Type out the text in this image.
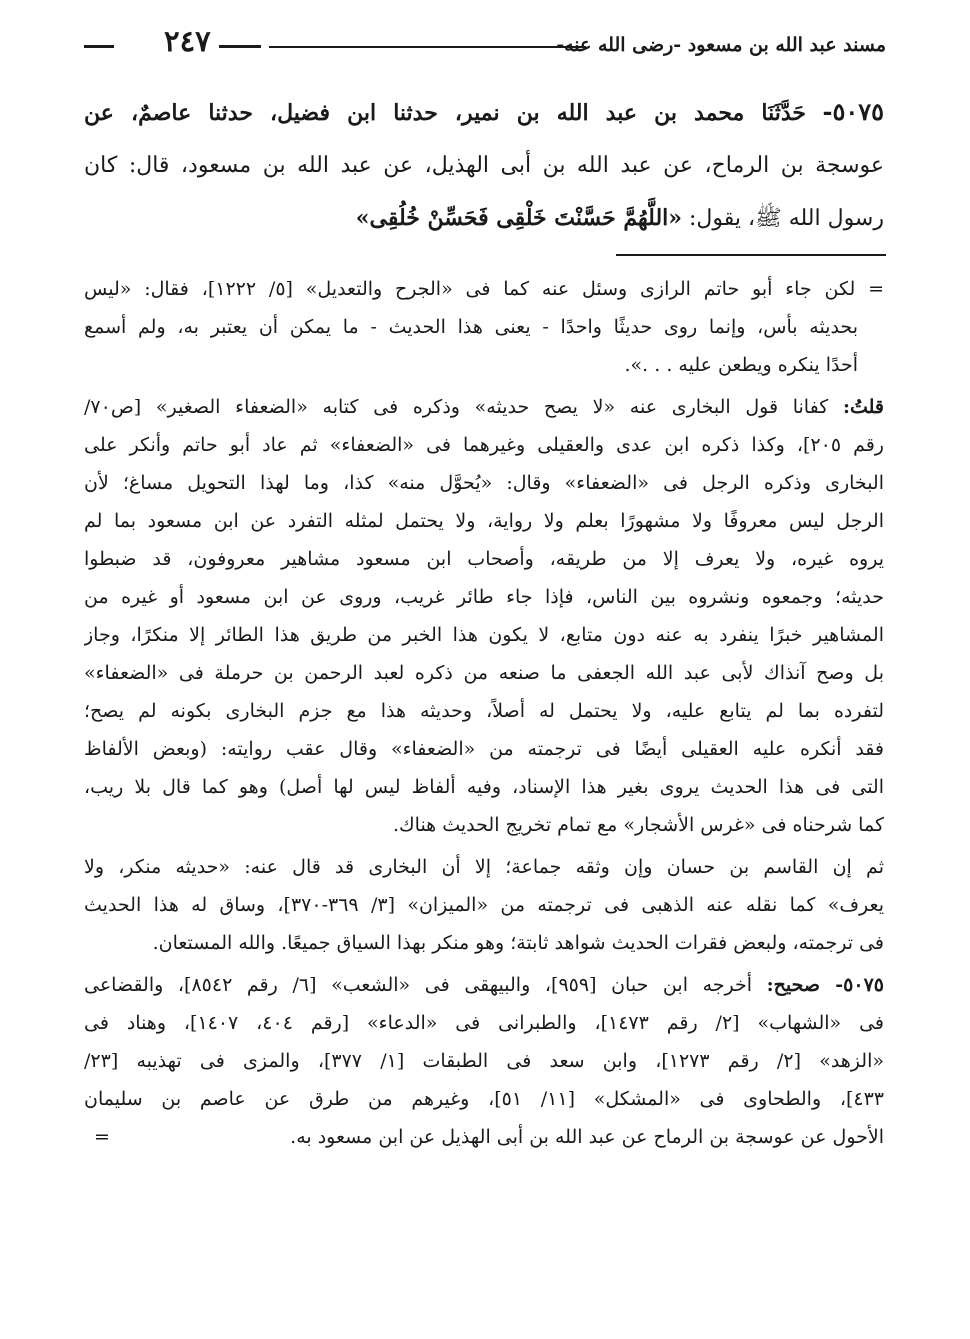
مسند عبد الله بن مسعود -رضى الله عنه-
٢٤٧
٥٠٧٥- حَدَّثَنَا محمد بن عبد الله بن نمير، حدثنا ابن فضيل، حدثنا عاصمٌ، عن
عوسجة بن الرماح، عن عبد الله بن أبى الهذيل، عن عبد الله بن مسعود، قال: كان
رسول الله ﷺ، يقول: «اللَّهُمَّ حَسَّنْتَ خَلْقِى فَحَسِّنْ خُلُقِى»
= لكن جاء أبو حاتم الرازى وسئل عنه كما فى «الجرح والتعديل» [٥/ ١٢٢٢]، فقال: «ليس
بحديثه بأس، وإنما روى حديثًا واحدًا - يعنى هذا الحديث - ما يمكن أن يعتبر به، ولم أسمع
أحدًا ينكره ويطعن عليه . . .».
قلتُ: كفانا قول البخارى عنه «لا يصح حديثه» وذكره فى كتابه «الضعفاء الصغير» [ص٧٠/
رقم ٢٠٥]، وكذا ذكره ابن عدى والعقيلى وغيرهما فى «الضعفاء» ثم عاد أبو حاتم وأنكر على
البخارى وذكره الرجل فى «الضعفاء» وقال: «يُحوَّل منه» كذا، وما لهذا التحويل مساغ؛ لأن
الرجل ليس معروفًا ولا مشهورًا بعلم ولا رواية، ولا يحتمل لمثله التفرد عن ابن مسعود بما لم
يروه غيره، ولا يعرف إلا من طريقه، وأصحاب ابن مسعود مشاهير معروفون، قد ضبطوا
حديثه؛ وجمعوه ونشروه بين الناس، فإذا جاء طائر غريب، وروى عن ابن مسعود أو غيره من
المشاهير خبرًا ينفرد به عنه دون متابع، لا يكون هذا الخبر من طريق هذا الطائر إلا منكرًا، وجاز
بل وصح آنذاك لأبى عبد الله الجعفى ما صنعه من ذكره لعبد الرحمن بن حرملة فى «الضعفاء»
لتفرده بما لم يتابع عليه، ولا يحتمل له أصلاً، وحديثه هذا مع جزم البخارى بكونه لم يصح؛
فقد أنكره عليه العقيلى أيضًا فى ترجمته من «الضعفاء» وقال عقب روايته: (وبعض الألفاظ
التى فى هذا الحديث يروى بغير هذا الإسناد، وفيه ألفاظ ليس لها أصل) وهو كما قال بلا ريب،
كما شرحناه فى «غرس الأشجار» مع تمام تخريج الحديث هناك.
ثم إن القاسم بن حسان وإن وثقه جماعة؛ إلا أن البخارى قد قال عنه: «حديثه منكر، ولا
يعرف» كما نقله عنه الذهبى فى ترجمته من «الميزان» [٣/ ٣٦٩-٣٧٠]، وساق له هذا الحديث
فى ترجمته، ولبعض فقرات الحديث شواهد ثابتة؛ وهو منكر بهذا السياق جميعًا. والله المستعان.
٥٠٧٥- صحيح: أخرجه ابن حبان [٩٥٩]، والبيهقى فى «الشعب» [٦/ رقم ٨٥٤٢]، والقضاعى
فى «الشهاب» [٢/ رقم ١٤٧٣]، والطبرانى فى «الدعاء» [رقم ٤٠٤، ١٤٠٧]، وهناد فى
«الزهد» [٢/ رقم ١٢٧٣]، وابن سعد فى الطبقات [١/ ٣٧٧]، والمزى فى تهذيبه [٢٣/
٤٣٣]، والطحاوى فى «المشكل» [١١/ ٥١]، وغيرهم من طرق عن عاصم بن سليمان
الأحول عن عوسجة بن الرماح عن عبد الله بن أبى الهذيل عن ابن مسعود به.
=
